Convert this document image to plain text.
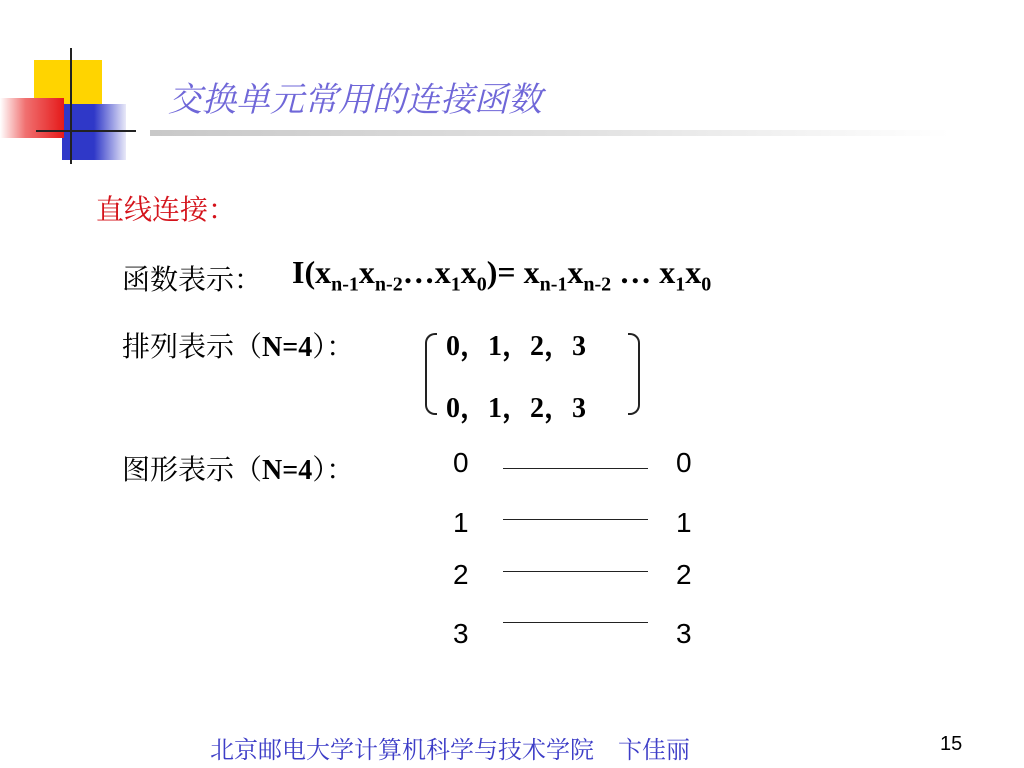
交换单元常用的连接函数
直线连接：
函数表示： $I(x_{n-1}x_{n-2}\dots x_1x_0)= x_{n-1}x_{n-2}$ … $x_1x_0$
排列表示（N=4）：	0，1，2，3
0，1，2，3
图形表示（N=4）：	0
1
2
3
0
1
2
3
北京邮电大学计算机科学与技术学院　卞佳丽	15
